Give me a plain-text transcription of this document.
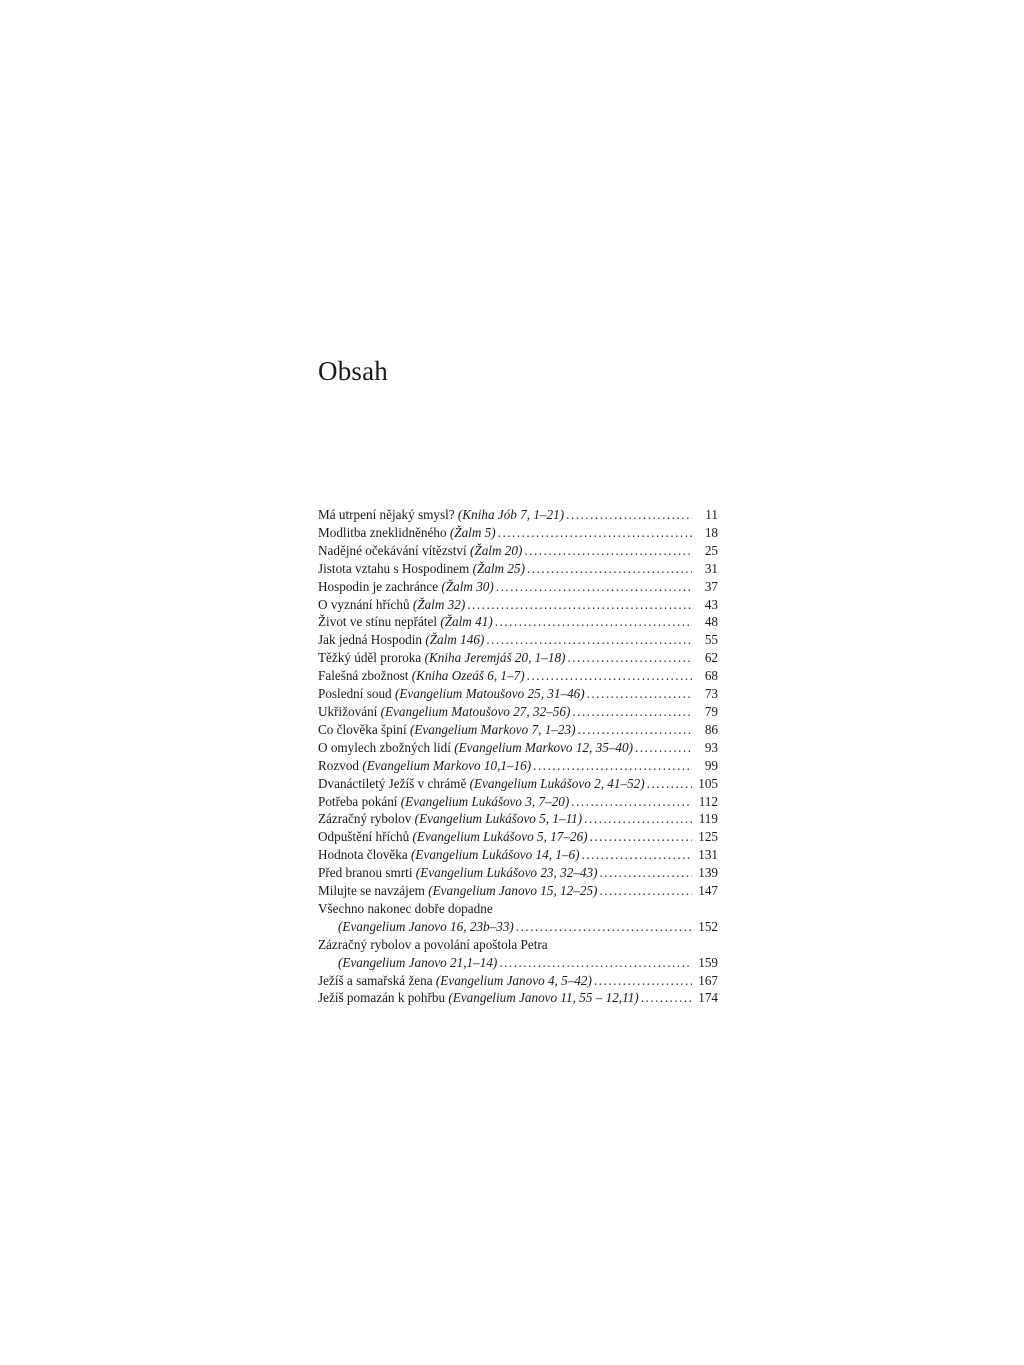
Obsah
Má utrpení nějaký smysl? (Kniha Jób 7, 1–21) .....	11
Modlitba zneklidněného (Žalm 5) .....	18
Nadějné očekávání vítězství (Žalm 20) .....	25
Jistota vztahu s Hospodinem (Žalm 25) .....	31
Hospodin je zachránce (Žalm 30) .....	37
O vyznání hříchů (Žalm 32) .....	43
Život ve stínu nepřátel (Žalm 41) .....	48
Jak jedná Hospodin (Žalm 146) .....	55
Těžký úděl proroka (Kniha Jeremjáš 20, 1–18) .....	62
Falešná zbožnost (Kniha Ozeáš 6, 1–7) .....	68
Poslední soud (Evangelium Matoušovo 25, 31–46) .....	73
Ukřižování (Evangelium Matoušovo 27, 32–56) .....	79
Co člověka špiní (Evangelium Markovo 7, 1–23) .....	86
O omylech zbožných lidí (Evangelium Markovo 12, 35–40) .....	93
Rozvod (Evangelium Markovo 10,1–16) .....	99
Dvanáctiletý Ježíš v chrámě (Evangelium Lukášovo 2, 41–52) .....	105
Potřeba pokání (Evangelium Lukášovo 3, 7–20) .....	112
Zázračný rybolov (Evangelium Lukášovo 5, 1–11) .....	119
Odpuštění hříchů (Evangelium Lukášovo 5, 17–26) .....	125
Hodnota člověka (Evangelium Lukášovo 14, 1–6) .....	131
Před branou smrti (Evangelium Lukášovo 23, 32–43) .....	139
Milujte se navzájem (Evangelium Janovo 15, 12–25) .....	147
Všechno nakonec dobře dopadne
(Evangelium Janovo 16, 23b–33) .....	152
Zázračný rybolov a povolání apoštola Petra
(Evangelium Janovo 21,1–14) .....	159
Ježíš a samařská žena (Evangelium Janovo 4, 5–42) .....	167
Ježíš pomazán k pohřbu (Evangelium Janovo 11, 55 – 12,11) .....	174
